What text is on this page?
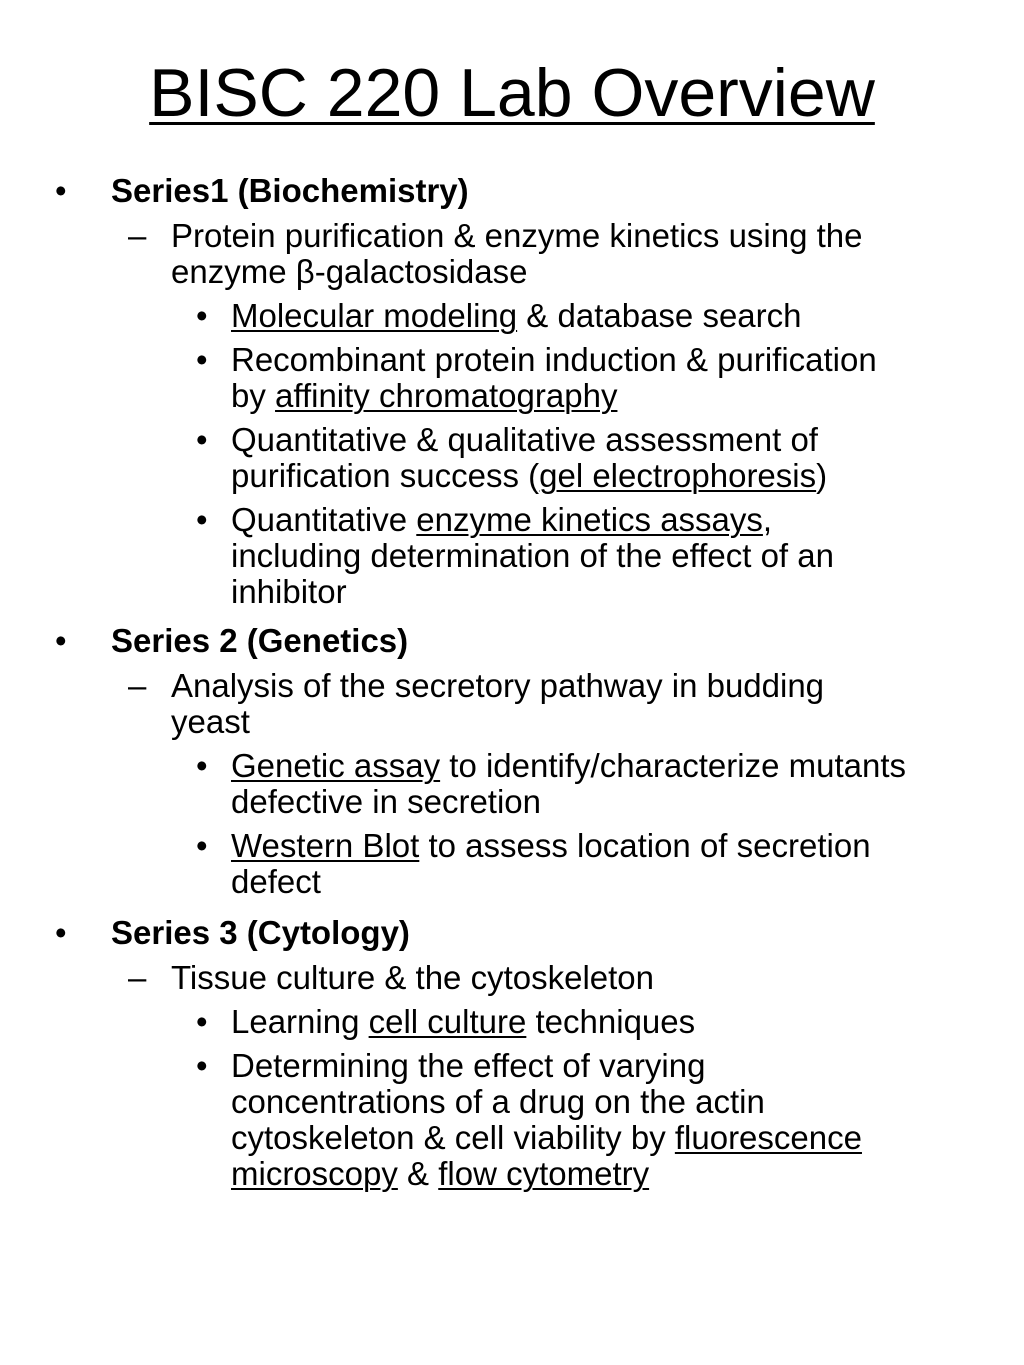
BISC 220 Lab Overview
• Series1 (Biochemistry)
– Protein purification & enzyme kinetics using the
enzyme β-galactosidase
• Molecular modeling & database search
• Recombinant protein induction & purification
by affinity chromatography
• Quantitative & qualitative assessment of
purification success (gel electrophoresis)
• Quantitative enzyme kinetics assays,
including determination of the effect of an
inhibitor
• Series 2 (Genetics)
– Analysis of the secretory pathway in budding
yeast
• Genetic assay to identify/characterize mutants
defective in secretion
• Western Blot to assess location of secretion
defect
• Series 3 (Cytology)
– Tissue culture & the cytoskeleton
• Learning cell culture techniques
• Determining the effect of varying
concentrations of a drug on the actin
cytoskeleton & cell viability by fluorescence
microscopy & flow cytometry
